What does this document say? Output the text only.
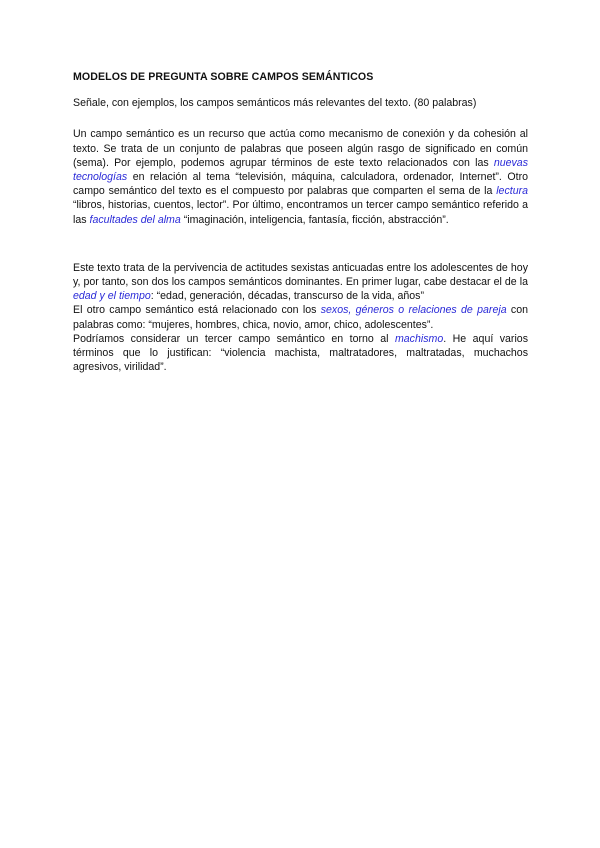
MODELOS DE PREGUNTA SOBRE CAMPOS SEMÁNTICOS
Señale, con ejemplos, los campos semánticos más relevantes del texto. (80 palabras)

Un campo semántico es un recurso que actúa como mecanismo de conexión y da cohesión al texto. Se trata de un conjunto de palabras que poseen algún rasgo de significado en común (sema). Por ejemplo, podemos agrupar términos de este texto relacionados con las nuevas tecnologías en relación al tema “televisión, máquina, calculadora, ordenador, Internet”. Otro campo semántico del texto es el compuesto por palabras que comparten el sema de la lectura “libros, historias, cuentos, lector”. Por último, encontramos un tercer campo semántico referido a las facultades del alma “imaginación, inteligencia, fantasía, ficción, abstracción”.

Este texto trata de la pervivencia de actitudes sexistas anticuadas entre los adolescentes de hoy y, por tanto, son dos los campos semánticos dominantes. En primer lugar, cabe destacar el de la edad y el tiempo: “edad, generación, décadas, transcurso de la vida, años”

El otro campo semántico está relacionado con los sexos, géneros o relaciones de pareja con palabras como: “mujeres, hombres, chica, novio, amor, chico, adolescentes”.

Podríamos considerar un tercer campo semántico en torno al machismo. He aquí varios términos que lo justifican: “violencia machista, maltratadores, maltratadas, muchachos agresivos, virilidad”.
